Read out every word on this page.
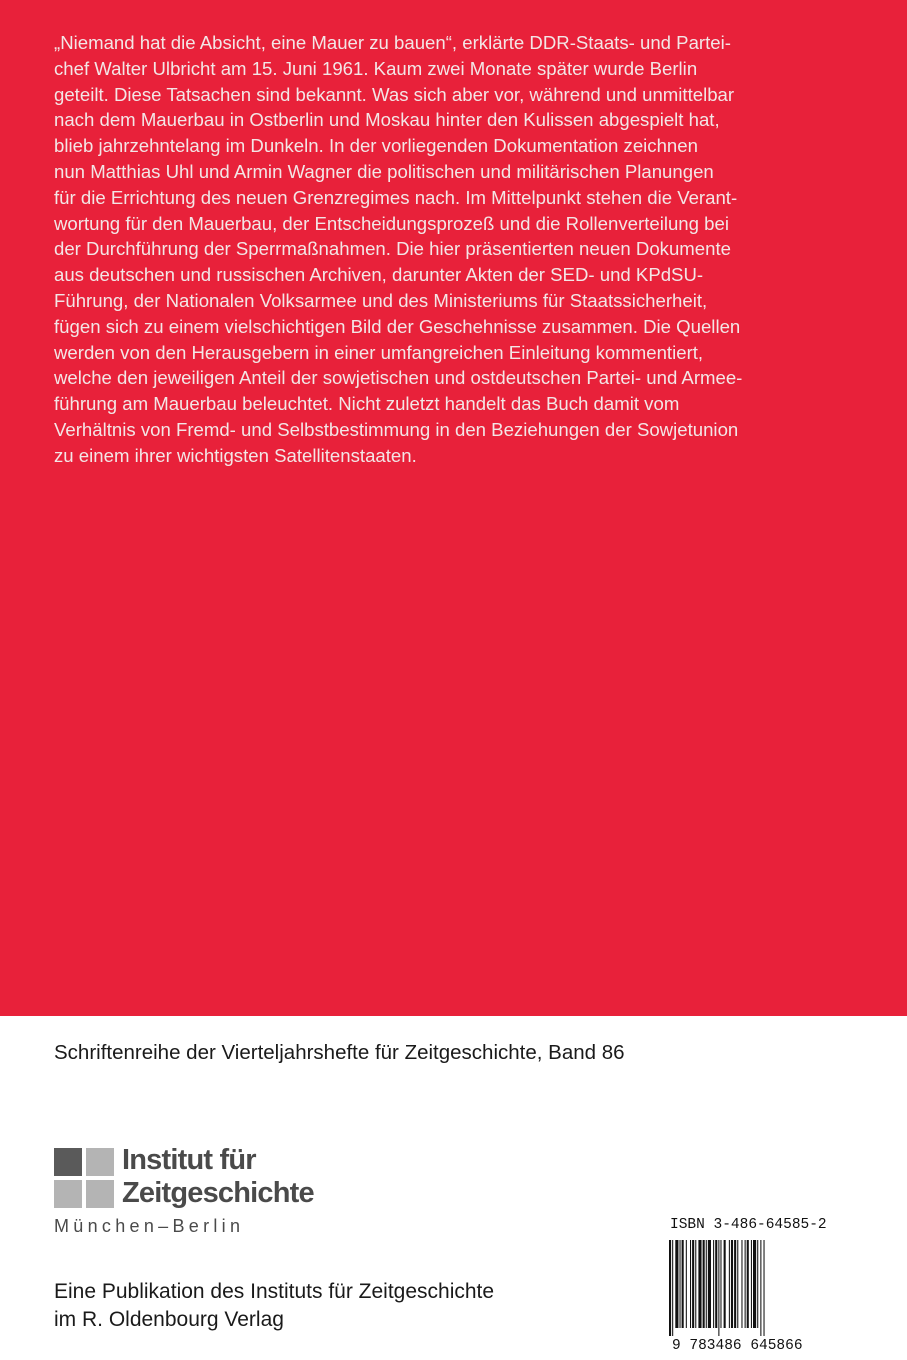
„Niemand hat die Absicht, eine Mauer zu bauen“, erklärte DDR-Staats- und Partei-
chef Walter Ulbricht am 15. Juni 1961. Kaum zwei Monate später wurde Berlin
geteilt. Diese Tatsachen sind bekannt. Was sich aber vor, während und unmittelbar
nach dem Mauerbau in Ostberlin und Moskau hinter den Kulissen abgespielt hat,
blieb jahrzehntelang im Dunkeln. In der vorliegenden Dokumentation zeichnen
nun Matthias Uhl und Armin Wagner die politischen und militärischen Planungen
für die Errichtung des neuen Grenzregimes nach. Im Mittelpunkt stehen die Verant-
wortung für den Mauerbau, der Entscheidungsprozeß und die Rollenverteilung bei
der Durchführung der Sperrmaßnahmen. Die hier präsentierten neuen Dokumente
aus deutschen und russischen Archiven, darunter Akten der SED- und KPdSU-
Führung, der Nationalen Volksarmee und des Ministeriums für Staatssicherheit,
fügen sich zu einem vielschichtigen Bild der Geschehnisse zusammen. Die Quellen
werden von den Herausgebern in einer umfangreichen Einleitung kommentiert,
welche den jeweiligen Anteil der sowjetischen und ostdeutschen Partei- und Armee-
führung am Mauerbau beleuchtet. Nicht zuletzt handelt das Buch damit vom
Verhältnis von Fremd- und Selbstbestimmung in den Beziehungen der Sowjetunion
zu einem ihrer wichtigsten Satellitenstaaten.

Schriftenreihe der Vierteljahrshefte für Zeitgeschichte, Band 86

Institut für
Zeitgeschichte
München–Berlin

Eine Publikation des Instituts für Zeitgeschichte
im R. Oldenbourg Verlag

ISBN 3-486-64585-2
9 783486 645866
